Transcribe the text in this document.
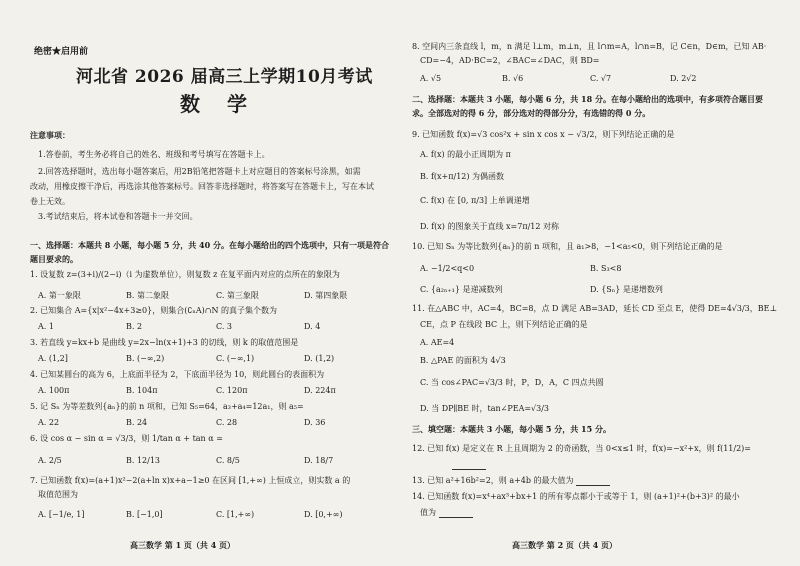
绝密★启用前
河北省 2026 届高三上学期10月考试
数 学
注意事项：
1.答卷前，考生务必将自己的姓名、班级和考号填写在答题卡上。
2.回答选择题时，选出每小题答案后，用2B铅笔把答题卡上对应题目的答案标号涂黑，如需
改动，用橡皮擦干净后，再选涂其他答案标号。回答非选择题时，将答案写在答题卡上，写在本试
卷上无效。
3.考试结束后，将本试卷和答题卡一并交回。
一、选择题：本题共 8 小题，每小题 5 分，共 40 分。在每小题给出的四个选项中，只有一项是符合
题目要求的。
1. 设复数 z=(3+i)/(2−i)（i 为虚数单位），则复数 z 在复平面内对应的点所在的象限为
A. 第一象限	B. 第二象限	C. 第三象限	D. 第四象限
2. 已知集合 A={x|x²−4x+3≥0}，则集合(∁ₙA)∩N 的真子集个数为
A. 1	B. 2	C. 3	D. 4
3. 若直线 y=kx+b 是曲线 y=2x−ln(x+1)+3 的切线，则 k 的取值范围是
A. (1,2]	B. (−∞,2)	C. (−∞,1)	D. (1,2)
4. 已知某圆台的高为 6，上底面半径为 2，下底面半径为 10，则此圆台的表面积为
A. 100π	B. 104π	C. 120π	D. 224π
5. 记 Sₙ 为等差数列{aₙ}的前 n 项和，已知 S₅=64，a₃+a₄=12a₁，则 a₅=
A. 22	B. 24	C. 28	D. 36
6. 设 cos α − sin α = √3/3，则 1/tan α + tan α =
A. 2/5	B. 12/13	C. 8/5	D. 18/7
7. 已知函数 f(x)=(a+1)x²−2(a+ln x)x+a−1≥0 在区间 [1,+∞) 上恒成立，则实数 a 的
取值范围为
A. [−1/e, 1]	B. [−1,0]	C. [1,+∞)	D. [0,+∞)
高三数学 第 1 页（共 4 页）
8. 空间内三条直线 l，m，n 满足 l⊥m，m⊥n，且 l∩m=A，l∩n=B，记 C∈n，D∈m，已知 AB·
CD=−4，AD·BC=2，∠BAC=∠DAC，则 BD=
A. √5	B. √6	C. √7	D. 2√2
二、选择题：本题共 3 小题，每小题 6 分，共 18 分。在每小题给出的选项中，有多项符合题目要
求。全部选对的得 6 分，部分选对的得部分分，有选错的得 0 分。
9. 已知函数 f(x)=√3 cos²x + sin x cos x − √3/2，则下列结论正确的是
A. f(x) 的最小正周期为 π
B. f(x+π/12) 为偶函数
C. f(x) 在 [0, π/3] 上单调递增
D. f(x) 的图象关于直线 x=7π/12 对称
10. 已知 Sₙ 为等比数列{aₙ}的前 n 项和，且 a₁>8，−1<a₅<0，则下列结论正确的是
A. −1/2<q<0	B. S₃<8
C. {a₂ₙ₊₁} 是递减数列	D. {Sₙ} 是递增数列
11. 在△ABC 中，AC=4，BC=8，点 D 满足 AB=3AD，延长 CD 至点 E，使得 DE=4√3/3，BE⊥
CE，点 P 在线段 BC 上，则下列结论正确的是
A. AE=4
B. △PAE 的面积为 4√3
C. 当 cos∠PAC=√3/3 时，P，D，A，C 四点共圆
D. 当 DP∥BE 时，tan∠PEA=√3/3
三、填空题：本题共 3 小题，每小题 5 分，共 15 分。
12. 已知 f(x) 是定义在 R 上且周期为 2 的奇函数，当 0<x≤1 时，f(x)=−x²+x，则 f(11/2)=
13. 已知 a²+16b²=2，则 a+4b 的最大值为
14. 已知函数 f(x)=x⁴+ax³+bx+1 的所有零点都小于或等于 1，则 (a+1)²+(b+3)² 的最小
值为
高三数学 第 2 页（共 4 页）
